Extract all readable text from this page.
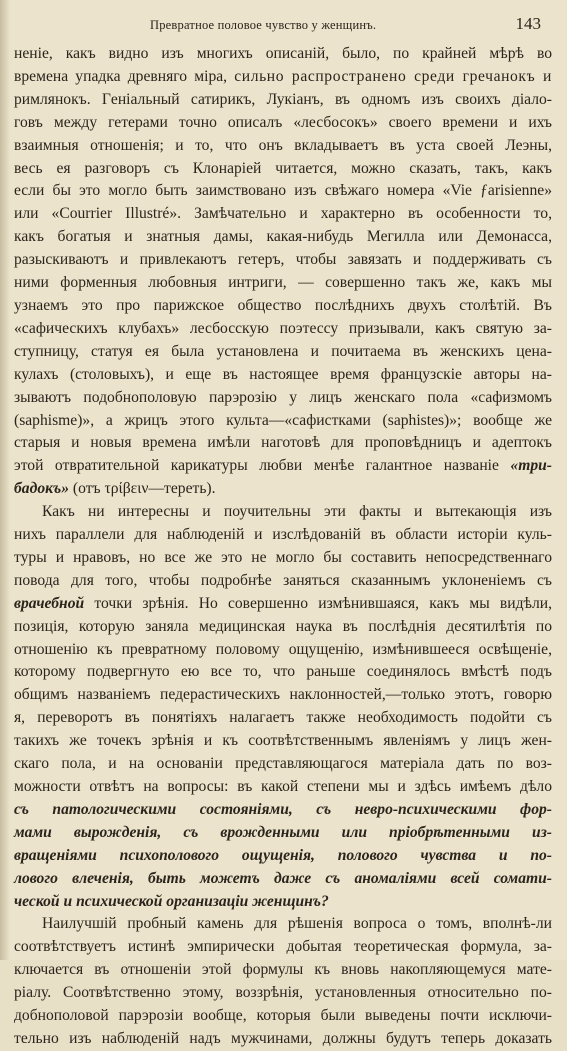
Превратное половое чувство у женщинъ.	143
ненiе, какъ видно изъ многихъ описанiй, было, по крайней мѣрѣ во
времена упадка древняго мiра, сильно распространено среди гречанокъ и
римлянокъ. Гeнiальный сатирикъ, Лукiанъ, въ одномъ изъ своихъ дiало-
говъ между гетерами точно описалъ «лесбосокъ» своего времени и ихъ
взаимныя отношенiя; и то, что онъ вкладываетъ въ уста своей Леэны,
весь ея разговоръ съ Клонарiей читается, можно сказать, такъ, какъ
если бы это могло быть заимствовано изъ свѣжаго номера «Vie ƒarisienne»
или «Courrier Illustré». Замѣчательно и характерно въ особенности то,
какъ богатыя и знатныя дамы, какая-нибудь Мегилла или Демонасса,
разыскиваютъ и привлекаютъ гетеръ, чтобы завязать и поддерживать съ
ними форменныя любовныя интриги, — совершенно такъ же, какъ мы
узнаемъ это про парижское общество послѣднихъ двухъ столѣтiй. Въ
«сафическихъ клубахъ» лесбосскую поэтессу призывали, какъ святую за-
ступницу, статуя ея была установлена и почитаема въ женскихъ цена-
кулахъ (столовыхъ), и еще въ настоящее время французскiе авторы на-
зываютъ подобнополовую парэрозiю у лицъ женскаго пола «сафизмомъ
(saphisme)», а жрицъ этого культа—«сафистками (saphistes)»; вообще же
старыя и новыя времена имѣли наготовѣ для проповѣдницъ и адептокъ
этой отвратительной карикатуры любви менѣе галантное названiе «три-
бадокъ» (отъ τρίβειν—тереть).
Какъ ни интересны и поучительны эти факты и вытекающiя изъ
нихъ параллели для наблюденiй и изслѣдованiй въ области исторiи куль-
туры и нравовъ, но все же это не могло бы составить непосредственнаго
повода для того, чтобы подробнѣе заняться сказаннымъ уклоненiемъ съ
врачебной точки зрѣнiя. Но совершенно измѣнившаяся, какъ мы видѣли,
позицiя, которую заняла медицинская наука въ послѣднiя десятилѣтiя по
отношенiю къ превратному половому ощущенiю, измѣнившееся освѣщенiе,
которому подвергнуто ею все то, что раньше соединялось вмѣстѣ подъ
общимъ названiемъ педерастическихъ наклонностей,—только этотъ, говорю
я, переворотъ въ понятiяхъ налагаетъ также необходимость подойти съ
такихъ же точекъ зрѣнiя и къ соотвѣтственнымъ явленiямъ у лицъ жен-
скаго пола, и на основанiи представляющагося матерiала дать по воз-
можности отвѣтъ на вопросы: въ какой степени мы и здѣсь имѣемъ дѣло
съ патологическими состоянiями, съ невро-психическими фор-
мами вырожденiя, съ врожденными или прiобрѣтенными из-
вращенiями психополового ощущенiя, полового чувства и по-
лового влеченiя, быть можетъ даже съ аномалiями всей сомати-
ческой и психической организацiи женщинъ?
Наилучшiй пробный камень для рѣшенiя вопроса о томъ, вполнѣ-ли
соотвѣтствуетъ истинѣ эмпирически добытая теоретическая формула, за-
ключается въ отношенiи этой формулы къ вновь накопляющемуся мате-
рiалу. Соотвѣтственно этому, воззрѣнiя, установленныя относительно по-
добнополовой парэрозiи вообще, которыя были выведены почти исключи-
тельно изъ наблюденiй надъ мужчинами, должны будутъ теперь доказать
